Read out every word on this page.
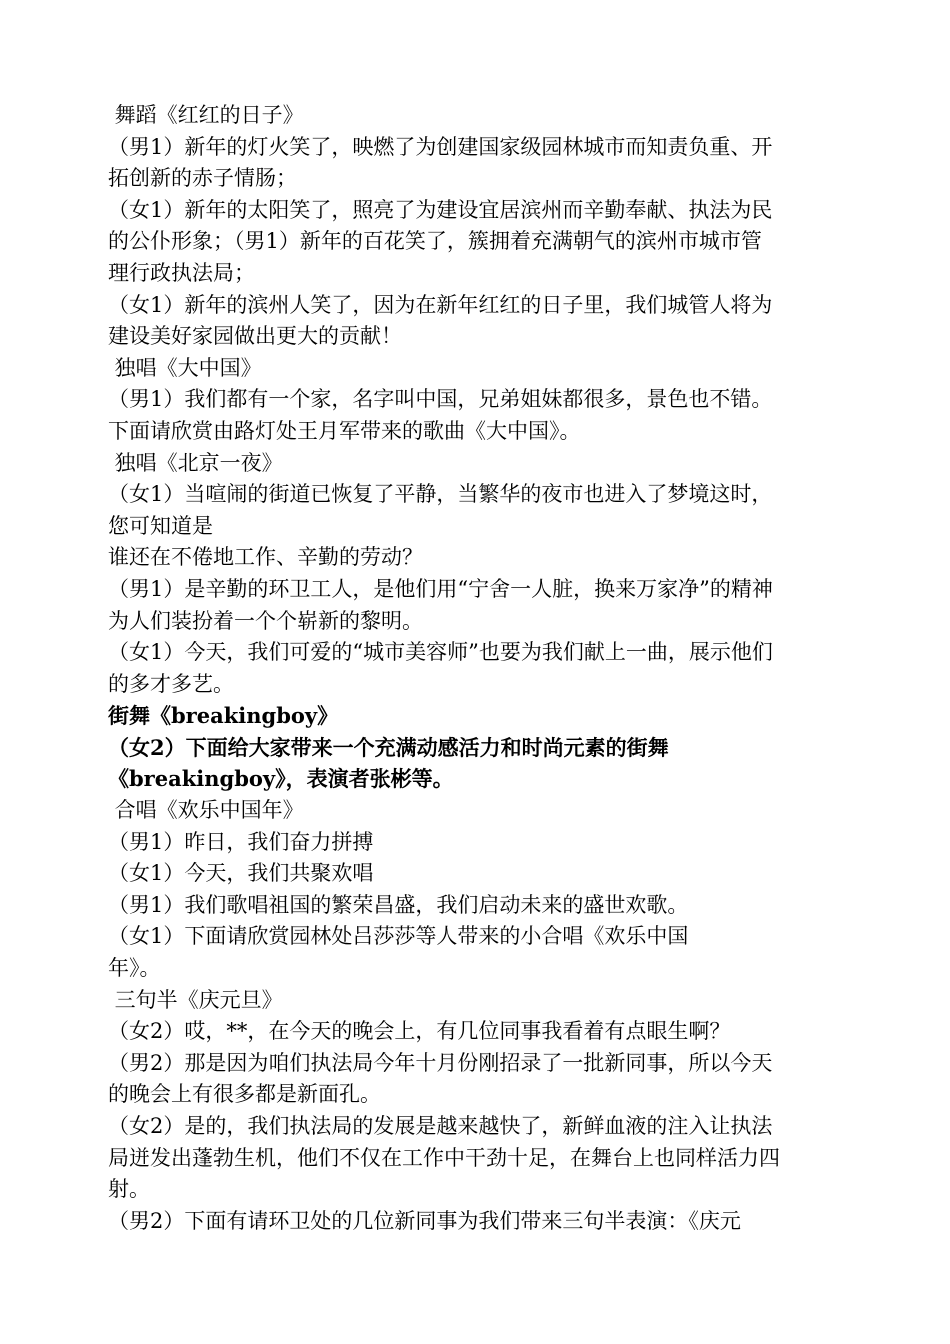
舞蹈《红红的日子》
（男1）新年的灯火笑了，映燃了为创建国家级园林城市而知责负重、开
拓创新的赤子情肠；
（女1）新年的太阳笑了，照亮了为建设宜居滨州而辛勤奉献、执法为民
的公仆形象；（男1）新年的百花笑了，簇拥着充满朝气的滨州市城市管
理行政执法局；
（女1）新年的滨州人笑了，因为在新年红红的日子里，我们城管人将为
建设美好家园做出更大的贡献！
独唱《大中国》
（男1）我们都有一个家，名字叫中国，兄弟姐妹都很多，景色也不错。
下面请欣赏由路灯处王月军带来的歌曲《大中国》。
独唱《北京一夜》
（女1）当喧闹的街道已恢复了平静，当繁华的夜市也进入了梦境这时，
您可知道是
谁还在不倦地工作、辛勤的劳动？
（男1）是辛勤的环卫工人，是他们用“宁舍一人脏，换来万家净”的精神
为人们装扮着一个个崭新的黎明。
（女1）今天，我们可爱的“城市美容师”也要为我们献上一曲，展示他们
的多才多艺。
街舞《breakingboy》
（女2）下面给大家带来一个充满动感活力和时尚元素的街舞
《breakingboy》，表演者张彬等。
合唱《欢乐中国年》
（男1）昨日，我们奋力拼搏
（女1）今天，我们共聚欢唱
（男1）我们歌唱祖国的繁荣昌盛，我们启动未来的盛世欢歌。
（女1）下面请欣赏园林处吕莎莎等人带来的小合唱《欢乐中国
年》。
三句半《庆元旦》
（女2）哎，**，在今天的晚会上，有几位同事我看着有点眼生啊？
（男2）那是因为咱们执法局今年十月份刚招录了一批新同事，所以今天
的晚会上有很多都是新面孔。
（女2）是的，我们执法局的发展是越来越快了，新鲜血液的注入让执法
局迸发出蓬勃生机，他们不仅在工作中干劲十足，在舞台上也同样活力四
射。
（男2）下面有请环卫处的几位新同事为我们带来三句半表演：《庆元
